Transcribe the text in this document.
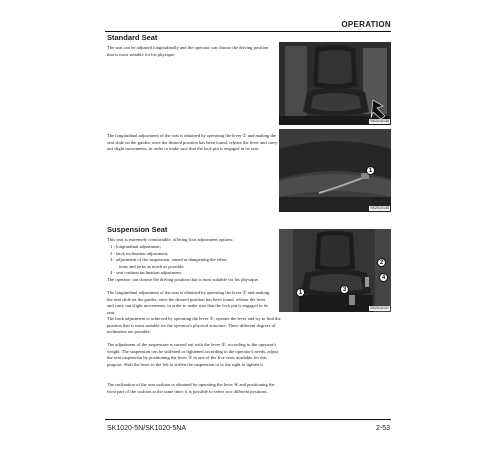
OPERATION
Standard Seat

The seat can be adjusted longitudinally and the operator can choose the driving position that is most suitable for his physique.

SK2010136

The longitudinal adjustment of the seat is obtained by operating the lever ① and making the seat slide on the guides; once the desired position has been found, release the lever and carry out slight movements, in order to make sure that the lock pin is engaged in its seat.

SK2010135
1
Suspension Seat

This seat is extremely comfortable, offering four adjustment options:

1 - longitudinal adjustment;
2 - back inclination adjustment;
3 - adjustment of the suspension, aimed at dampening the vibra-
tions and jerks as much as possible;
4 - seat cushion inclination adjustment.

The operator can choose the driving position that is most suitable for his physique.

The longitudinal adjustment of the seat is obtained by operating the lever ① and making the seat slide on the guides; once the desired position has been found, release the lever and carry out slight movements, in order to make sure that the lock pin is engaged in its seat.

The back adjustment is achieved by operating the lever ②; operate the lever and try to find the position that is most suitable for the operator's physical structure. Three different degrees of inclination are possible.

The adjustment of the suspension is carried out with the lever ③, according to the operator's weight. The suspension can be stiffened or lightened according to the operator's needs; adjust the seat suspension by positioning the lever ③ in one of the five seats available for this purpose. Shift the lever to the left to stiffen the suspension or to the right to lighten it.

The inclination of the seat cushion is obtained by operating the lever ④ and positioning the front part of the cushion at the same time; it is possible to select two different positions.

SK2010137
1
2
3
4
SK1020-5N/SK1020-5NA	2-53
